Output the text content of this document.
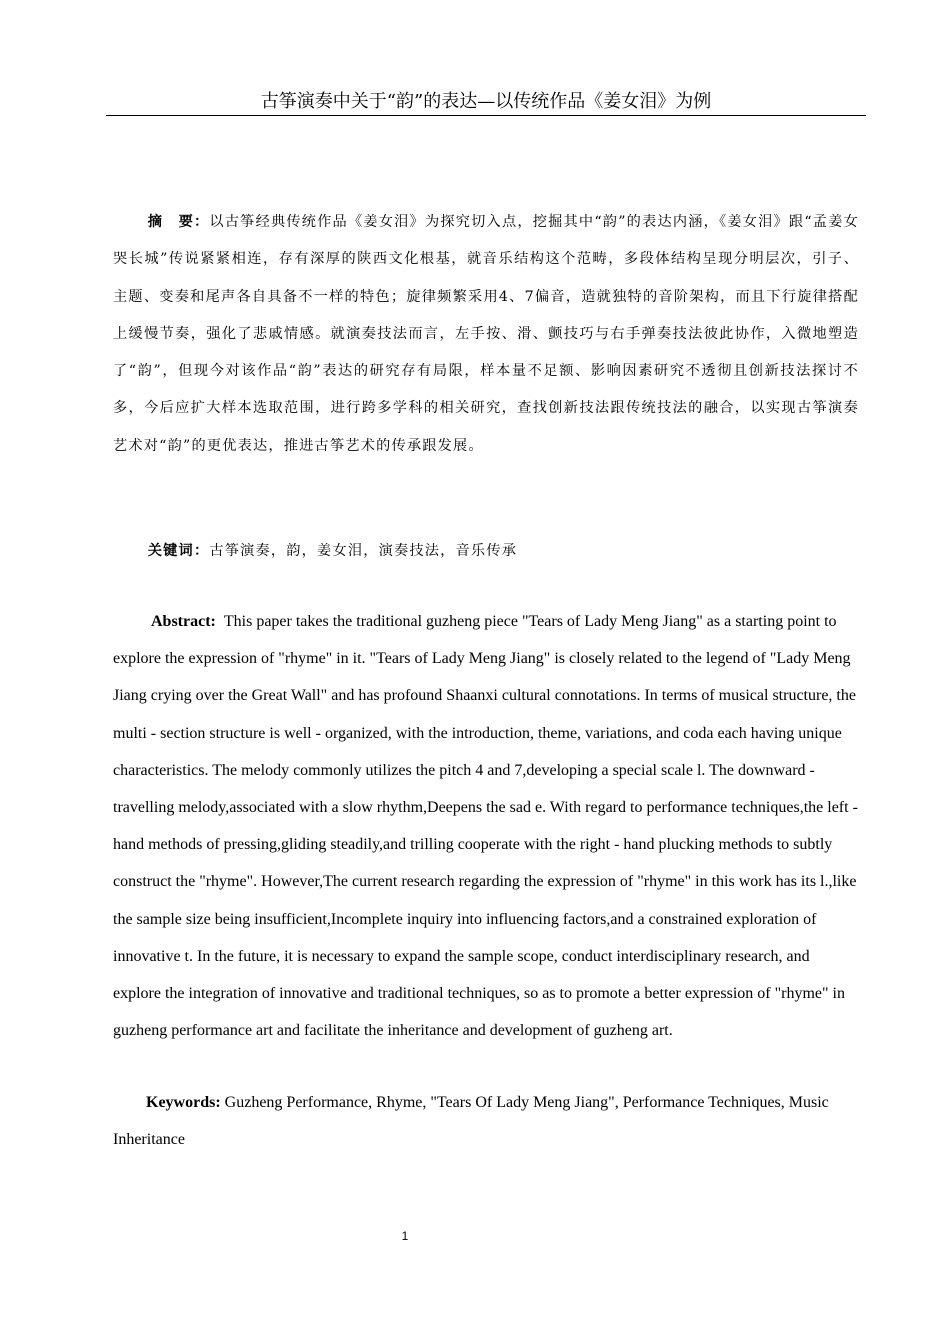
古筝演奏中关于“韵”的表达—以传统作品《姜女泪》为例

摘　要：以古筝经典传统作品《姜女泪》为探究切入点，挖掘其中“韵”的表达内涵，《姜女泪》跟“孟姜女哭长城”传说紧紧相连，存有深厚的陕西文化根基，就音乐结构这个范畴，多段体结构呈现分明层次，引子、主题、变奏和尾声各自具备不一样的特色；旋律频繁采用4、7偏音，造就独特的音阶架构，而且下行旋律搭配上缓慢节奏，强化了悲戚情感。就演奏技法而言，左手按、滑、颤技巧与右手弹奏技法彼此协作，入微地塑造了“韵”，但现今对该作品“韵”表达的研究存有局限，样本量不足额、影响因素研究不透彻且创新技法探讨不多，今后应扩大样本选取范围，进行跨多学科的相关研究，查找创新技法跟传统技法的融合，以实现古筝演奏艺术对“韵”的更优表达，推进古筝艺术的传承跟发展。

关键词：古筝演奏，韵，姜女泪，演奏技法，音乐传承

Abstract: This paper takes the traditional guzheng piece "Tears of Lady Meng Jiang" as a starting point to explore the expression of "rhyme" in it. "Tears of Lady Meng Jiang" is closely related to the legend of "Lady Meng Jiang crying over the Great Wall" and has profound Shaanxi cultural connotations. In terms of musical structure, the multi - section structure is well - organized, with the introduction, theme, variations, and coda each having unique characteristics. The melody commonly utilizes the pitch 4 and 7,developing a special scale l. The downward - travelling melody,associated with a slow rhythm,Deepens the sad e. With regard to performance techniques,the left - hand methods of pressing,gliding steadily,and trilling cooperate with the right - hand plucking methods to subtly construct the "rhyme". However,The current research regarding the expression of "rhyme" in this work has its l.,like the sample size being insufficient,Incomplete inquiry into influencing factors,and a constrained exploration of innovative t. In the future, it is necessary to expand the sample scope, conduct interdisciplinary research, and explore the integration of innovative and traditional techniques, so as to promote a better expression of "rhyme" in guzheng performance art and facilitate the inheritance and development of guzheng art.

Keywords: Guzheng Performance, Rhyme, "Tears Of Lady Meng Jiang", Performance Techniques, Music Inheritance

1
